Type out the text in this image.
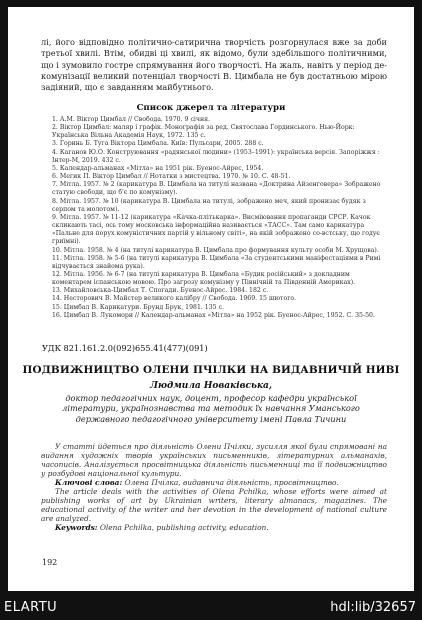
лі, його відповідно політично-сатирична творчість розгорнулася вже за доби третьої хвилі. Втім, обидві ці хвилі, як відомо, були здебільшого політичними, що і зумовило гостре спрямування його творчості. На жаль, навіть у період де-комунізації великий потенціал творчості В. Цимбала не був достатньою мірою задіяний, що є завданням майбутнього.
Список джерел та літератури
1. А.М. Віктор Цимбал // Свобода. 1970. 9 січня.
2. Віктор Цимбал: маляр і графік. Монографія за ред. Святослава Гординського. Нью-Йорк: Українська Вільна Академія Наук, 1972. 135 с.
3. Горинь Б. Туга Віктора Цимбала. Київ: Пульсари, 2005. 288 с.
4. Каганов Ю.О. Конструювання «радянської людини» (1953–1991): українська версія. Запоріжжя : Інтер-М, 2019. 432 с.
5. Календар-альманах «Мітла» на 1951 рік. Буенос-Айрес, 1954.
6. Мегик П. Віктор Цимбал // Нотатки з мистецтва. 1970. № 10. С. 48-51.
7. Мітла. 1957. № 2 (карикатура В. Цимбала на титулі названа «Доктрина Айзенговера» Зображено статую свободи, що б'є по комунізму).
8. Мітла. 1957. № 10 (карикатура В. Цимбала на титулі, зображено меч, який пронизає будяк з серпом та молотом).
9. Мітла. 1957. № 11-12 (карикатура «Качка-плітькарка». Висміювання пропаганди СРСР. Качок скликають тасі, ось тому московська інформаційна називається «ТАСС». Там само карикатура «Пальне для порух комуністичних партій у вільному світі», на якій зображено со-встську, що годує гриїмні).
10. Мітла. 1958. № 4 (на титулі карикатура В. Цимбала про формування культу особи М. Хрущова).
11. Мітла. 1958. № 5-6 (на титулі карикатура В. Цимбала «За студентськими маніфестаціями в Римі відчувається знайома рука).
12. Мітла. 1956. № 6-7 (на титулі карикатура В. Цимбала «Будик російський» з докладним коментарем іспанською мовою. Про загрозу комунізму у Північній та Південній Америках).
13. Михайловська-Цимбал Т. Спогади. Буенос-Айрес. 1984. 182 с.
14. Несторович В. Майстер великого калібру // Свобода. 1969. 15 шютого.
15. Цимбал В. Карикатури. Брунд Брук, 1981. 135 с.
16. Цимбал В. Лукомори // Календар-альманах «Мітла» на 1952 рік. Буенос-Айрес, 1952. С. 35-50.
УДК 821.161.2.0(092)655.41(477)(091)
ПОДВИЖНИЦТВО ОЛЕНИ ПЧІЛКИ НА ВИДАВНИЧІЙ НИВІ
Людмила Новаківська,
доктор педагогічних наук, доцент, професор кафедри української літератури, українознавства та методик їх навчання Уманського державного педагогічного університету імені Павла Тичини
У статті йдеться про діяльність Олени Пчілки, зусилля якої були спрямовані на видання художніх творів українських письменників, літературних альманахів, часописів. Аналізується просвітницька діяльність письменниці та її подвижництво у розбудові національної культури.
Ключові слова: Олена Пчілка, видавнича діяльність, просвітництво.
The article deals with the activities of Olena Pchilka, whose efforts were aimed at publishing works of art by Ukrainian writers, literary almanacs, magazines. The educational activity of the writer and her devotion in the development of national culture are analyzed.
Keywords: Olena Pchilka, publishing activity, education.
192
ELARTU	hdl:lib/32657
